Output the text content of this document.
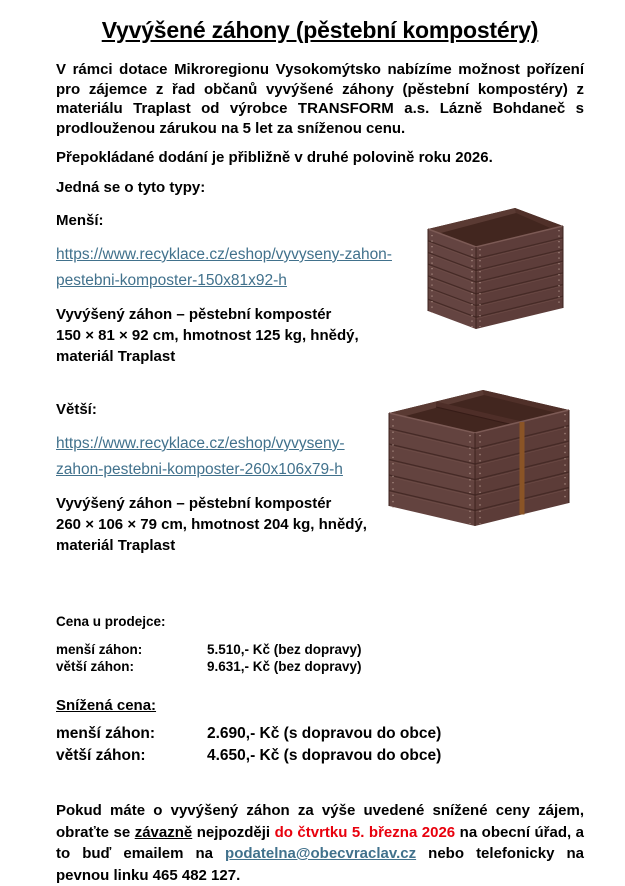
Vyvýšené záhony (pěstební kompostéry)

V rámci dotace Mikroregionu Vysokomýtsko nabízíme možnost pořízení pro zájemce z řad občanů vyvýšené záhony (pěstební kompostéry) z materiálu Traplast od výrobce TRANSFORM a.s. Lázně Bohdaneč s prodlouženou zárukou na 5 let za sníženou cenu.

Přepokládané dodání je přibližně v druhé polovině roku 2026.

Jedná se o tyto typy:

Menší:

https://www.recyklace.cz/eshop/vyvyseny-zahon-
pestebni-komposter-150x81x92-h

Vyvýšený záhon – pěstební kompostér
150 × 81 × 92 cm, hmotnost 125 kg, hnědý,
materiál Traplast

Větší:

https://www.recyklace.cz/eshop/vyvyseny-
zahon-pestebni-komposter-260x106x79-h

Vyvýšený záhon – pěstební kompostér
260 × 106 × 79 cm, hmotnost 204 kg, hnědý,
materiál Traplast

Cena u prodejce:

menší záhon:	5.510,- Kč (bez dopravy)

větší záhon:	9.631,- Kč (bez dopravy)

Snížená cena:

menší záhon:	2.690,- Kč (s dopravou do obce)

větší záhon:	4.650,- Kč (s dopravou do obce)

Pokud máte o vyvýšený záhon za výše uvedené snížené ceny zájem, obraťte se závazně nejpozději do čtvrtku 5. března 2026 na obecní úřad, a to buď emailem na podatelna@obecvraclav.cz nebo telefonicky na pevnou linku 465 482 127.
